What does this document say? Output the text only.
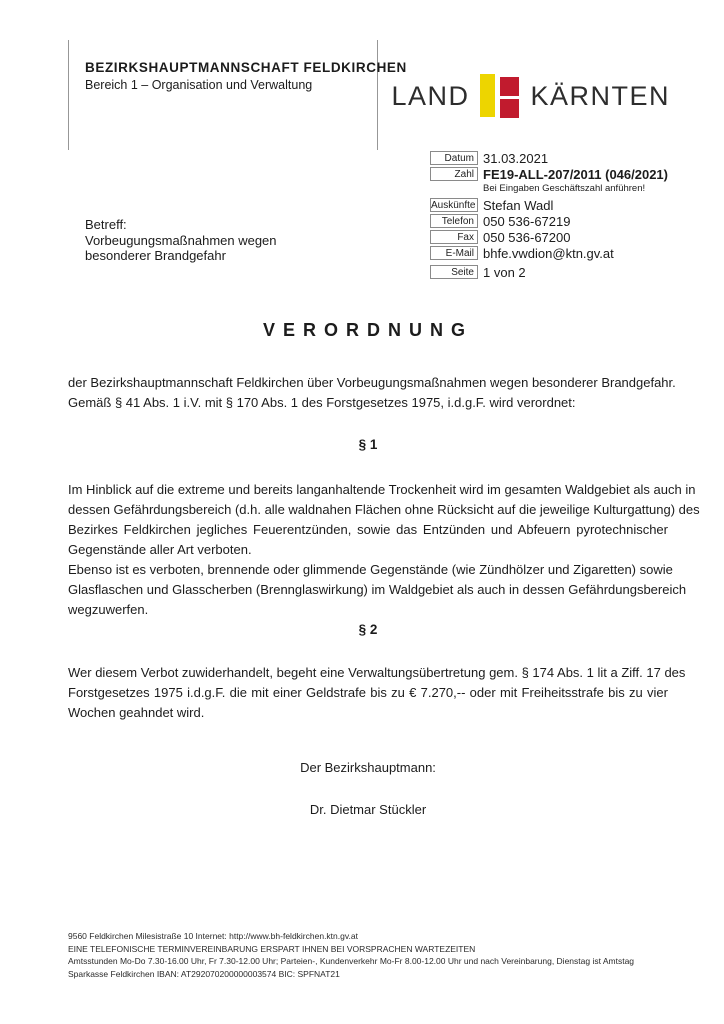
BEZIRKSHAUPTMANNSCHAFT FELDKIRCHEN
Bereich 1 – Organisation und Verwaltung	LAND KÄRNTEN
Datum 31.03.2021
Zahl FE19-ALL-207/2011 (046/2021)
Bei Eingaben Geschäftszahl anführen!
Auskünfte Stefan Wadl
Telefon 050 536-67219
Fax 050 536-67200
E-Mail bhfe.vwdion@ktn.gv.at
Seite 1 von 2
Betreff:
Vorbeugungsmaßnahmen wegen
besonderer Brandgefahr
VERORDNUNG
der Bezirkshauptmannschaft Feldkirchen über Vorbeugungsmaßnahmen wegen besonderer Brandgefahr.
Gemäß § 41 Abs. 1 i.V. mit § 170 Abs. 1 des Forstgesetzes 1975, i.d.g.F. wird verordnet:
§ 1
Im Hinblick auf die extreme und bereits langanhaltende Trockenheit wird im gesamten Waldgebiet als auch in
dessen Gefährdungsbereich (d.h. alle waldnahen Flächen ohne Rücksicht auf die jeweilige Kulturgattung) des
Bezirkes Feldkirchen jegliches Feuerentzünden, sowie das Entzünden und Abfeuern pyrotechnischer
Gegenstände aller Art verboten.
Ebenso ist es verboten, brennende oder glimmende Gegenstände (wie Zündhölzer und Zigaretten) sowie
Glasflaschen und Glasscherben (Brennglaswirkung) im Waldgebiet als auch in dessen Gefährdungsbereich
wegzuwerfen.
§ 2
Wer diesem Verbot zuwiderhandelt, begeht eine Verwaltungsübertretung gem. § 174 Abs. 1 lit a Ziff. 17 des
Forstgesetzes 1975 i.d.g.F. die mit einer Geldstrafe bis zu € 7.270,-- oder mit Freiheitsstrafe bis zu vier
Wochen geahndet wird.
Der Bezirkshauptmann:
Dr. Dietmar Stückler
9560 Feldkirchen Milesistraße 10 Internet: http://www.bh-feldkirchen.ktn.gv.at
EINE TELEFONISCHE TERMINVEREINBARUNG ERSPART IHNEN BEI VORSPRACHEN WARTEZEITEN
Amtsstunden Mo-Do 7.30-16.00 Uhr, Fr 7.30-12.00 Uhr; Parteien-, Kundenverkehr Mo-Fr 8.00-12.00 Uhr und nach Vereinbarung, Dienstag ist Amtstag
Sparkasse Feldkirchen IBAN: AT292070200000003574 BIC: SPFNAT21
